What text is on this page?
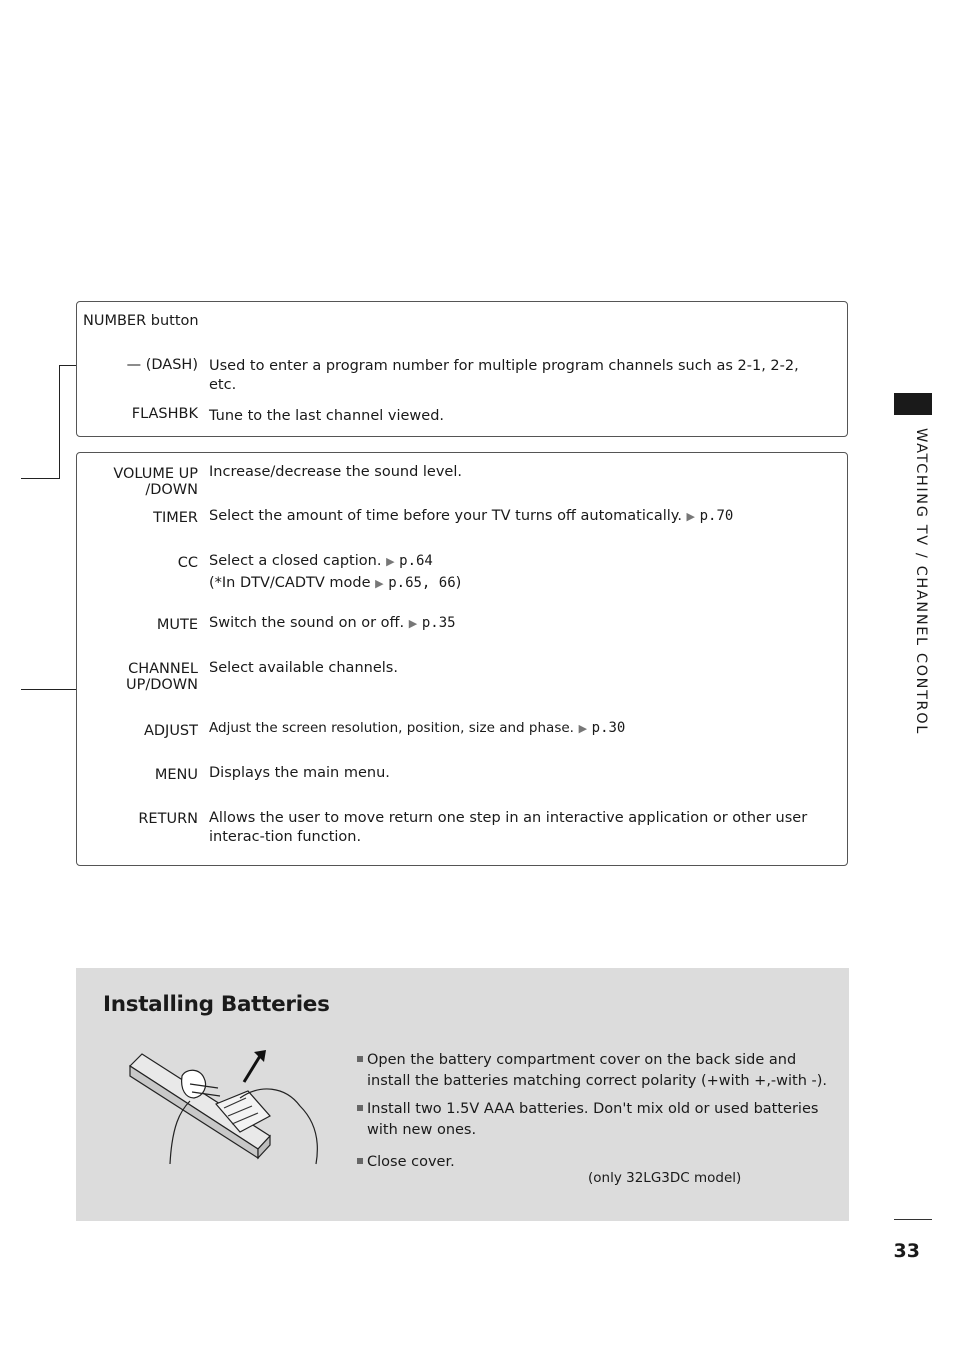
NUMBER button
— (DASH) Used to enter a program number for multiple program channels such as 2-1, 2-2, etc.
FLASHBK Tune to the last channel viewed.
VOLUME UP
/DOWN
Increase/decrease the sound level.
TIMER Select the amount of time before your TV turns off automatically. ▶ p.70
CC Select a closed caption. ▶ p.64
(*In DTV/CADTV mode ▶ p.65, 66)
MUTE Switch the sound on or off. ▶ p.35
CHANNEL
UP/DOWN
Select available channels.
ADJUST Adjust the screen resolution, position, size and phase. ▶ p.30
MENU Displays the main menu.
RETURN Allows the user to move return one step in an interactive application or other user interac-tion function.
WATCHING TV / CHANNEL CONTROL
Installing Batteries
Open the battery compartment cover on the back side and install the batteries matching correct polarity (+with +,-with -).
Install two 1.5V AAA batteries. Don't mix old or used batteries with new ones.
Close cover.
(only 32LG3DC model)
33
